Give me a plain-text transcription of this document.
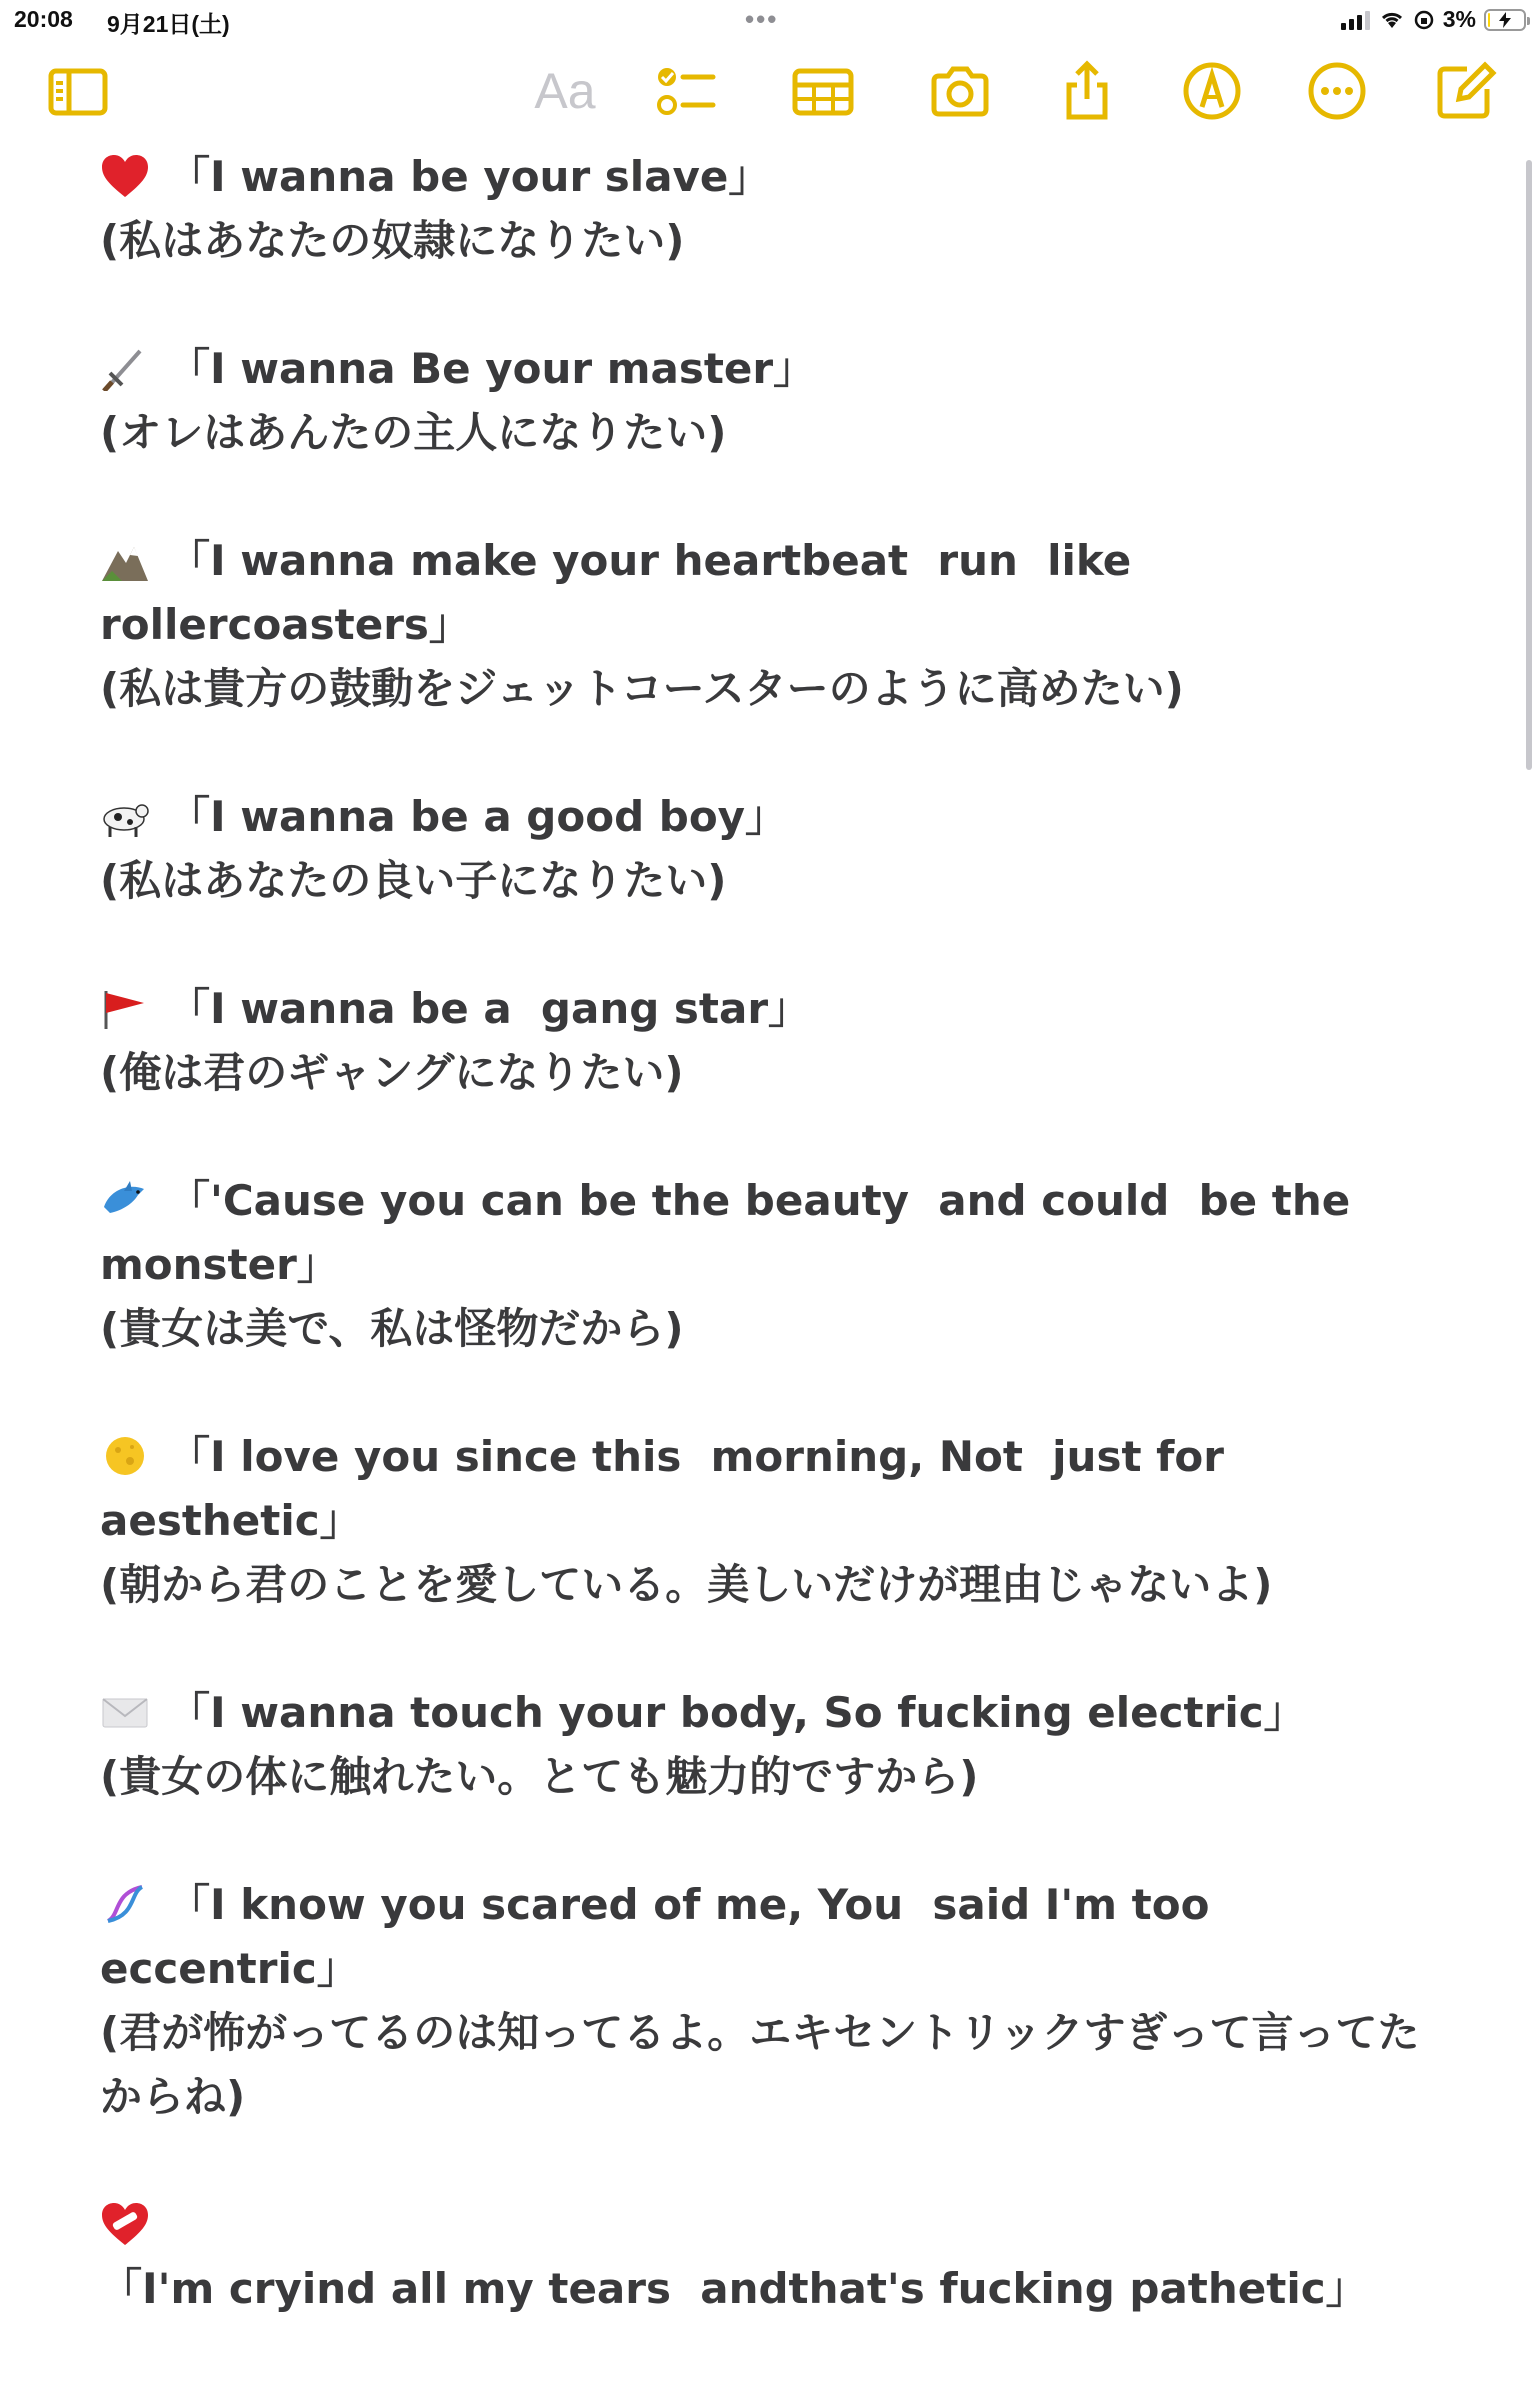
20:08 9月21日(土)	•••	3%
Aa
「I wanna be your slave」
(私はあなたの奴隷になりたい)
「I wanna Be your master」
(オレはあんたの主人になりたい)
「I wanna make your heartbeat  run  like rollercoasters」
(私は貴方の鼓動をジェットコースターのように高めたい)
「I wanna be a good boy」
(私はあなたの良い子になりたい)
「I wanna be a  gang star」
(俺は君のギャングになりたい)
「'Cause you can be the beauty  and could  be the monster」
(貴女は美で、私は怪物だから)
「I love you since this  morning, Not  just for aesthetic」
(朝から君のことを愛している。美しいだけが理由じゃないよ)
「I wanna touch your body, So fucking electric」
(貴女の体に触れたい。とても魅力的ですから)
「I know you scared of me, You  said I'm too eccentric」
(君が怖がってるのは知ってるよ。エキセントリックすぎって言ってたからね)
「I'm cryind all my tears  andthat's fucking pathetic」
